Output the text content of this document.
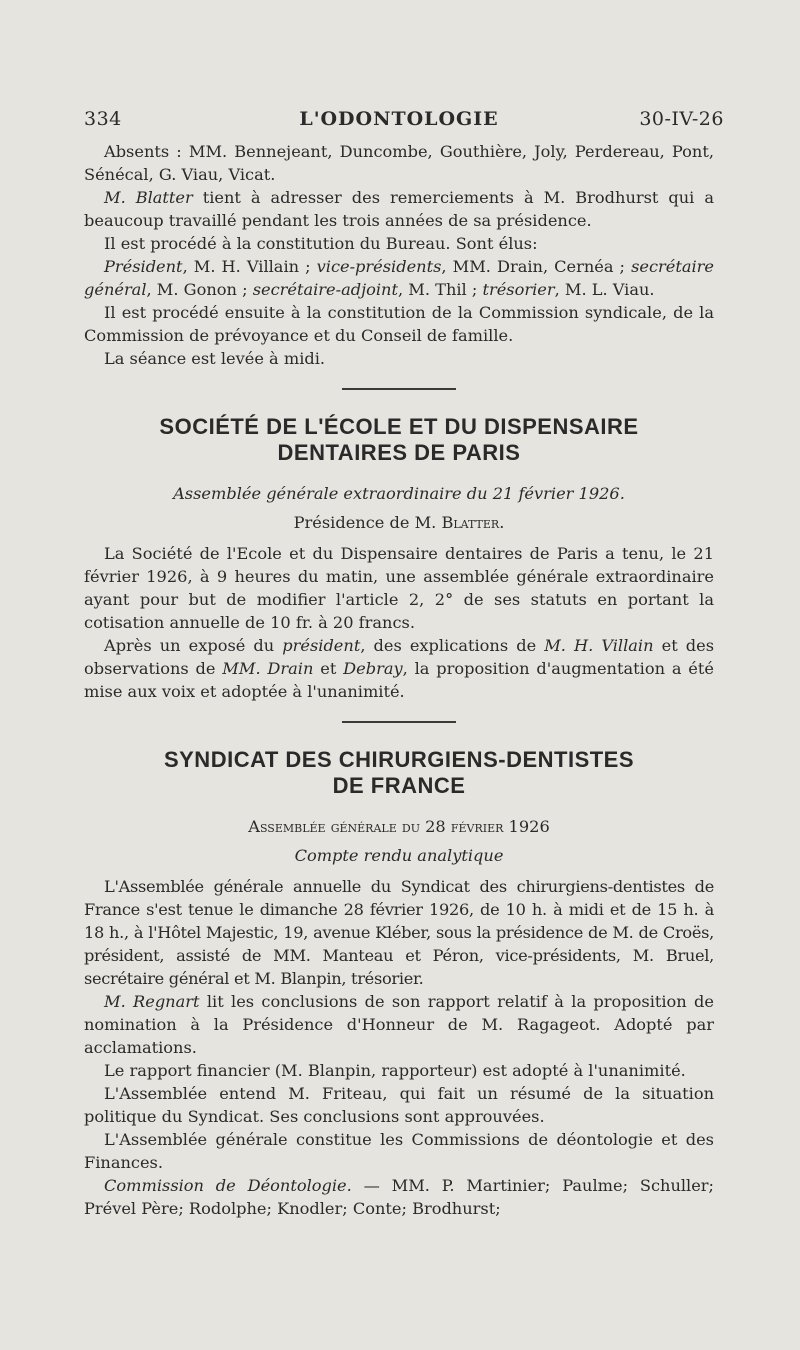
334	L'ODONTOLOGIE	30-IV-26

Absents : MM. Bennejeant, Duncombe, Gouthière, Joly, Perdereau, Pont, Sénécal, G. Viau, Vicat.

M. Blatter tient à adresser des remerciements à M. Brodhurst qui a beaucoup travaillé pendant les trois années de sa présidence.

Il est procédé à la constitution du Bureau. Sont élus:

Président, M. H. Villain ; vice-présidents, MM. Drain, Cernéa ; secrétaire général, M. Gonon ; secrétaire-adjoint, M. Thil ; trésorier, M. L. Viau.

Il est procédé ensuite à la constitution de la Commission syndicale, de la Commission de prévoyance et du Conseil de famille.

La séance est levée à midi.

SOCIÉTÉ DE L'ÉCOLE ET DU DISPENSAIRE
DENTAIRES DE PARIS

Assemblée générale extraordinaire du 21 février 1926.

Présidence de M. Blatter.

La Société de l'Ecole et du Dispensaire dentaires de Paris a tenu, le 21 février 1926, à 9 heures du matin, une assemblée générale extraordinaire ayant pour but de modifier l'article 2, 2° de ses statuts en portant la cotisation annuelle de 10 fr. à 20 francs.

Après un exposé du président, des explications de M. H. Villain et des observations de MM. Drain et Debray, la proposition d'augmentation a été mise aux voix et adoptée à l'unanimité.

SYNDICAT DES CHIRURGIENS-DENTISTES
DE FRANCE

Assemblée générale du 28 février 1926

Compte rendu analytique

L'Assemblée générale annuelle du Syndicat des chirurgiens-dentistes de France s'est tenue le dimanche 28 février 1926, de 10 h. à midi et de 15 h. à 18 h., à l'Hôtel Majestic, 19, avenue Kléber, sous la présidence de M. de Croës, président, assisté de MM. Manteau et Péron, vice-présidents, M. Bruel, secrétaire général et M. Blanpin, trésorier.

M. Regnart lit les conclusions de son rapport relatif à la proposition de nomination à la Présidence d'Honneur de M. Ragageot. Adopté par acclamations.

Le rapport financier (M. Blanpin, rapporteur) est adopté à l'unanimité.

L'Assemblée entend M. Friteau, qui fait un résumé de la situation politique du Syndicat. Ses conclusions sont approuvées.

L'Assemblée générale constitue les Commissions de déontologie et des Finances.

Commission de Déontologie. — MM. P. Martinier; Paulme; Schuller; Prével Père; Rodolphe; Knodler; Conte; Brodhurst;
